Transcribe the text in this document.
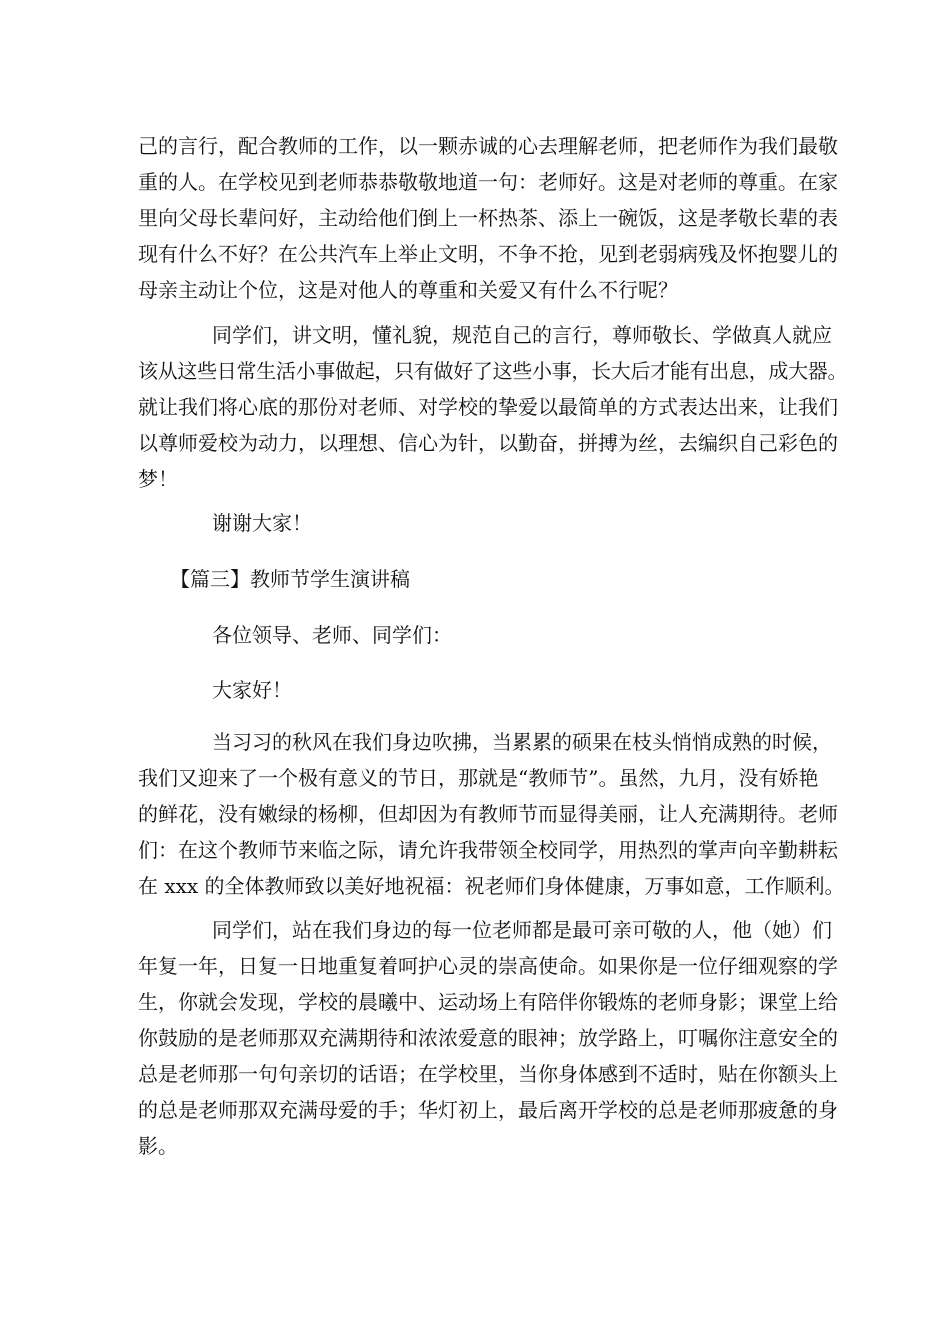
己的言行，配合教师的工作，以一颗赤诚的心去理解老师，把老师作为我们最敬
重的人。在学校见到老师恭恭敬敬地道一句：老师好。这是对老师的尊重。在家
里向父母长辈问好，主动给他们倒上一杯热茶、添上一碗饭，这是孝敬长辈的表
现有什么不好？在公共汽车上举止文明，不争不抢，见到老弱病残及怀抱婴儿的
母亲主动让个位，这是对他人的尊重和关爱又有什么不行呢？
同学们，讲文明，懂礼貌，规范自己的言行，尊师敬长、学做真人就应
该从这些日常生活小事做起，只有做好了这些小事，长大后才能有出息，成大器。
就让我们将心底的那份对老师、对学校的挚爱以最简单的方式表达出来，让我们
以尊师爱校为动力，以理想、信心为针，以勤奋，拼搏为丝，去编织自己彩色的
梦！
谢谢大家！
【篇三】教师节学生演讲稿
各位领导、老师、同学们：
大家好！
当习习的秋风在我们身边吹拂，当累累的硕果在枝头悄悄成熟的时候，
我们又迎来了一个极有意义的节日，那就是“教师节”。虽然，九月，没有娇艳
的鲜花，没有嫩绿的杨柳，但却因为有教师节而显得美丽，让人充满期待。老师
们：在这个教师节来临之际，请允许我带领全校同学，用热烈的掌声向辛勤耕耘
在 xxx 的全体教师致以美好地祝福：祝老师们身体健康，万事如意，工作顺利。
同学们，站在我们身边的每一位老师都是最可亲可敬的人，他（她）们
年复一年，日复一日地重复着呵护心灵的崇高使命。如果你是一位仔细观察的学
生，你就会发现，学校的晨曦中、运动场上有陪伴你锻炼的老师身影；课堂上给
你鼓励的是老师那双充满期待和浓浓爱意的眼神；放学路上，叮嘱你注意安全的
总是老师那一句句亲切的话语；在学校里，当你身体感到不适时，贴在你额头上
的总是老师那双充满母爱的手；华灯初上，最后离开学校的总是老师那疲惫的身
影。
